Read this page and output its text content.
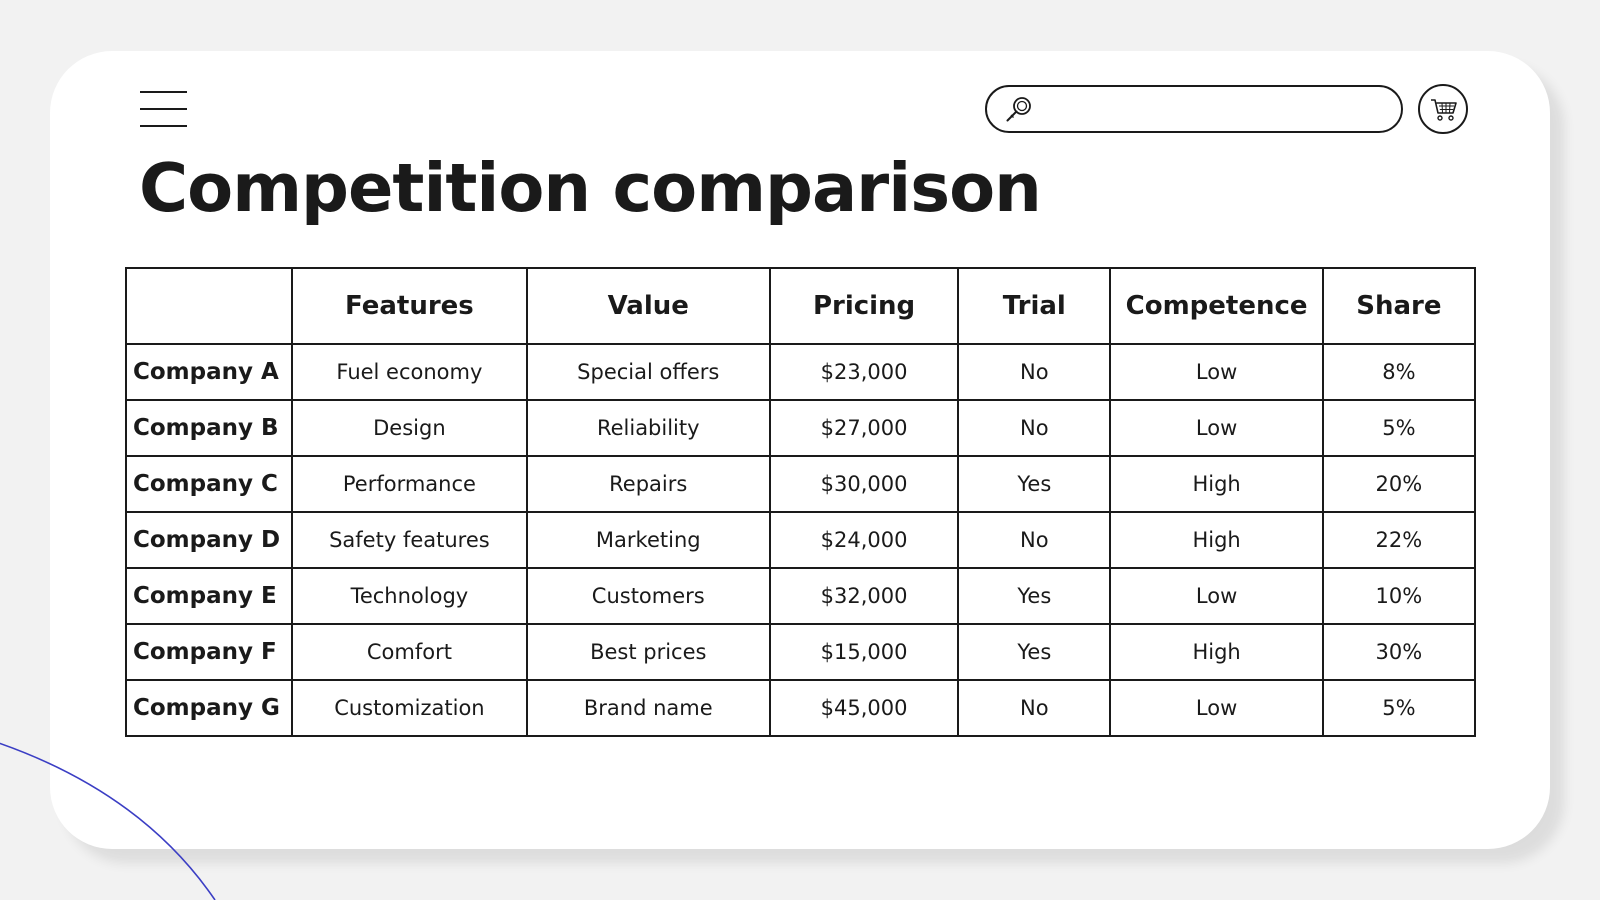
Competition comparison
	Features	Value	Pricing	Trial	Competence	Share
Company A	Fuel economy	Special offers	$23,000	No	Low	8%
Company B	Design	Reliability	$27,000	No	Low	5%
Company C	Performance	Repairs	$30,000	Yes	High	20%
Company D	Safety features	Marketing	$24,000	No	High	22%
Company E	Technology	Customers	$32,000	Yes	Low	10%
Company F	Comfort	Best prices	$15,000	Yes	High	30%
Company G	Customization	Brand name	$45,000	No	Low	5%
